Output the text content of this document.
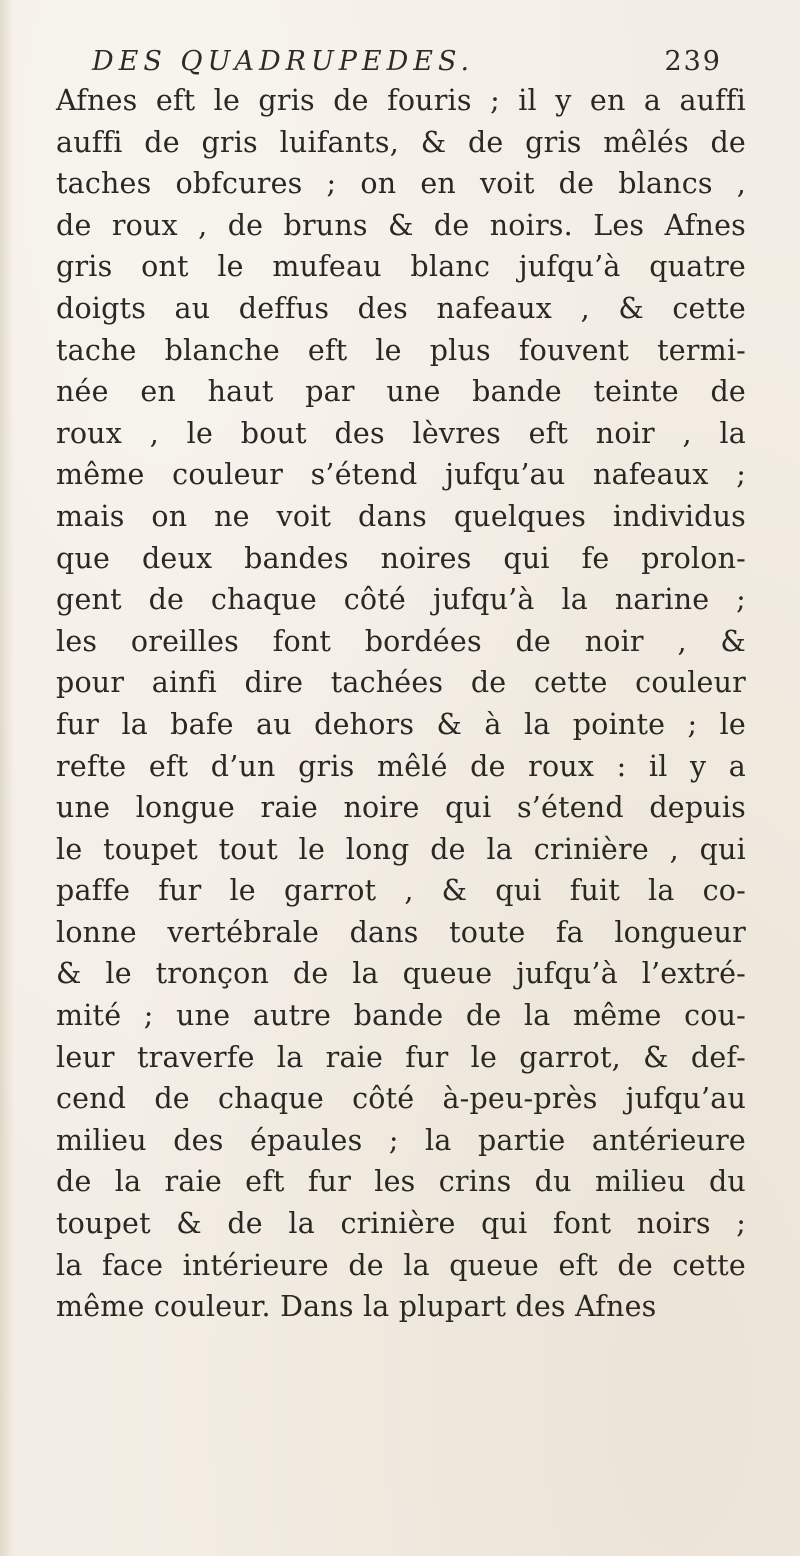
DES QUADRUPEDES.	239
Afnes eft le gris de fouris ; il y en a auffi
auffi de gris luifants, & de gris mêlés de
taches obfcures ; on en voit de blancs ,
de roux , de bruns & de noirs. Les Afnes
gris ont le mufeau blanc jufqu’à quatre
doigts au deffus des nafeaux , & cette
tache blanche eft le plus fouvent termi-
née en haut par une bande teinte de
roux , le bout des lèvres eft noir , la
même couleur s’étend jufqu’au nafeaux ;
mais on ne voit dans quelques individus
que deux bandes noires qui fe prolon-
gent de chaque côté jufqu’à la narine ;
les oreilles font bordées de noir , &
pour ainfi dire tachées de cette couleur
fur la bafe au dehors & à la pointe ; le
refte eft d’un gris mêlé de roux : il y a
une longue raie noire qui s’étend depuis
le toupet tout le long de la crinière , qui
paffe fur le garrot , & qui fuit la co-
lonne vertébrale dans toute fa longueur
& le tronçon de la queue jufqu’à l’extré-
mité ; une autre bande de la même cou-
leur traverfe la raie fur le garrot, & def-
cend de chaque côté à-peu-près jufqu’au
milieu des épaules ; la partie antérieure
de la raie eft fur les crins du milieu du
toupet & de la crinière qui font noirs ;
la face intérieure de la queue eft de cette
même couleur. Dans la plupart des Afnes
